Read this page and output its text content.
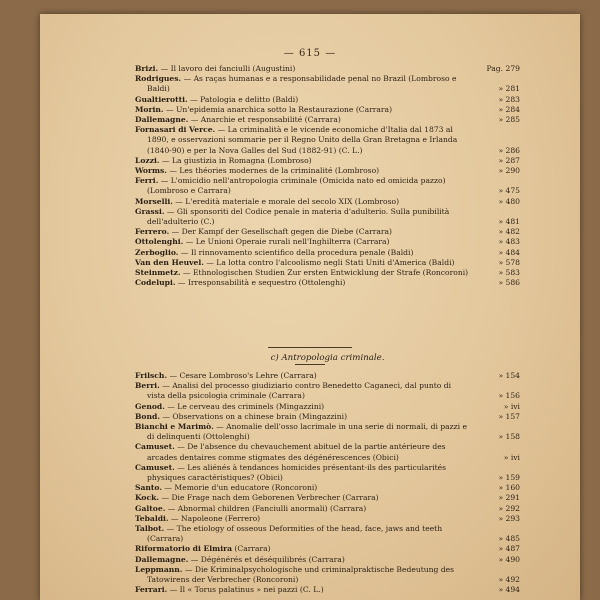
— 615 —
Brizi. — Il lavoro dei fanciulli (Augustini)	Pag. 279
Rodrigues. — As raças humanas e a responsabilidade penal no Brazil (Lombroso e Baldi)	» 281
Gualtierotti. — Patologia e delitto (Baldi)	» 283
Morin. — Un'epidemia anarchica sotto la Restaurazione (Carrara)	» 284
Dallemagne. — Anarchie et responsabilité (Carrara)	» 285
Fornasari di Verce. — La criminalità e le vicende economiche d'Italia dal 1873 al 1890, e osservazioni sommarie per il Regno Unito della Gran Bretagna e Irlanda (1840-90) e per la Nova Galles del Sud (1882-91) (C. L.)	» 286
Lozzi. — La giustizia in Romagna (Lombroso)	» 287
Worms. — Les théories modernes de la criminalité (Lombroso)	» 290
Ferri. — L'omicidio nell'antropologia criminale (Omicida nato ed omicida pazzo) (Lombroso e Carrara)	» 475
Morselli. — L'eredità materiale e morale del secolo XIX (Lombroso)	» 480
Grassi. — Gli sponsoriti del Codice penale in materia d'adulterio. Sulla punibilità dell'adulterio (C.)	» 481
Ferrero. — Der Kampf der Gesellschaft gegen die Diebe (Carrara)	» 482
Ottolenghi. — Le Unioni Operaie rurali nell'Inghilterra (Carrara)	» 483
Zerboglio. — Il rinnovamento scientifico della procedura penale (Baldi)	» 484
Van den Heuvel. — La lotta contro l'alcoolismo negli Stati Uniti d'America (Baldi)	» 578
Steinmetz. — Ethnologischen Studien Zur ersten Entwicklung der Strafe (Roncoroni)	» 583
Codelupi. — Irresponsabilità e sequestro (Ottolenghi)	» 586
c) Antropologia criminale.
Frilsch. — Cesare Lombroso's Lehre (Carrara)	» 154
Berri. — Analisi del processo giudiziario contro Benedetto Caganeci, dal punto di vista della psicologia criminale (Carrara)	» 156
Genod. — Le cerveau des criminels (Mingazzini)	» ivi
Bond. — Observations on a chinese brain (Mingazzini)	» 157
Bianchi e Marimò. — Anomalie dell'osso lacrimale in una serie di normali, di pazzi e di delinquenti (Ottolenghi)	» 158
Camuset. — De l'absence du chevauchement abituel de la partie antérieure des arcades dentaires comme stigmates des dégénérescences (Obici)	» ivi
Camuset. — Les aliénés à tendances homicides présentant-ils des particularités physiques caractéristiques? (Obici)	» 159
Santo. — Memorie d'un educatore (Roncoroni)	» 160
Kock. — Die Frage nach dem Geborenen Verbrecher (Carrara)	» 291
Galtoe. — Abnormal children (Fanciulli anormali) (Carrara)	» 292
Tebaldi. — Napoleone (Ferrero)	» 293
Talbot. — The etiology of osseous Deformities of the head, face, jaws and teeth (Carrara)	» 485
Riformatorio di Elmira (Carrara)	» 487
Dallemagne. — Dégénérés et déséquilibrés (Carrara)	» 490
Leppmann. — Die Kriminalpsychologische und criminalpraktische Bedeutung des Tatowirens der Verbrecher (Roncoroni)	» 492
Ferrari. — Il « Torus palatinus » nei pazzi (C. L.)	» 494
